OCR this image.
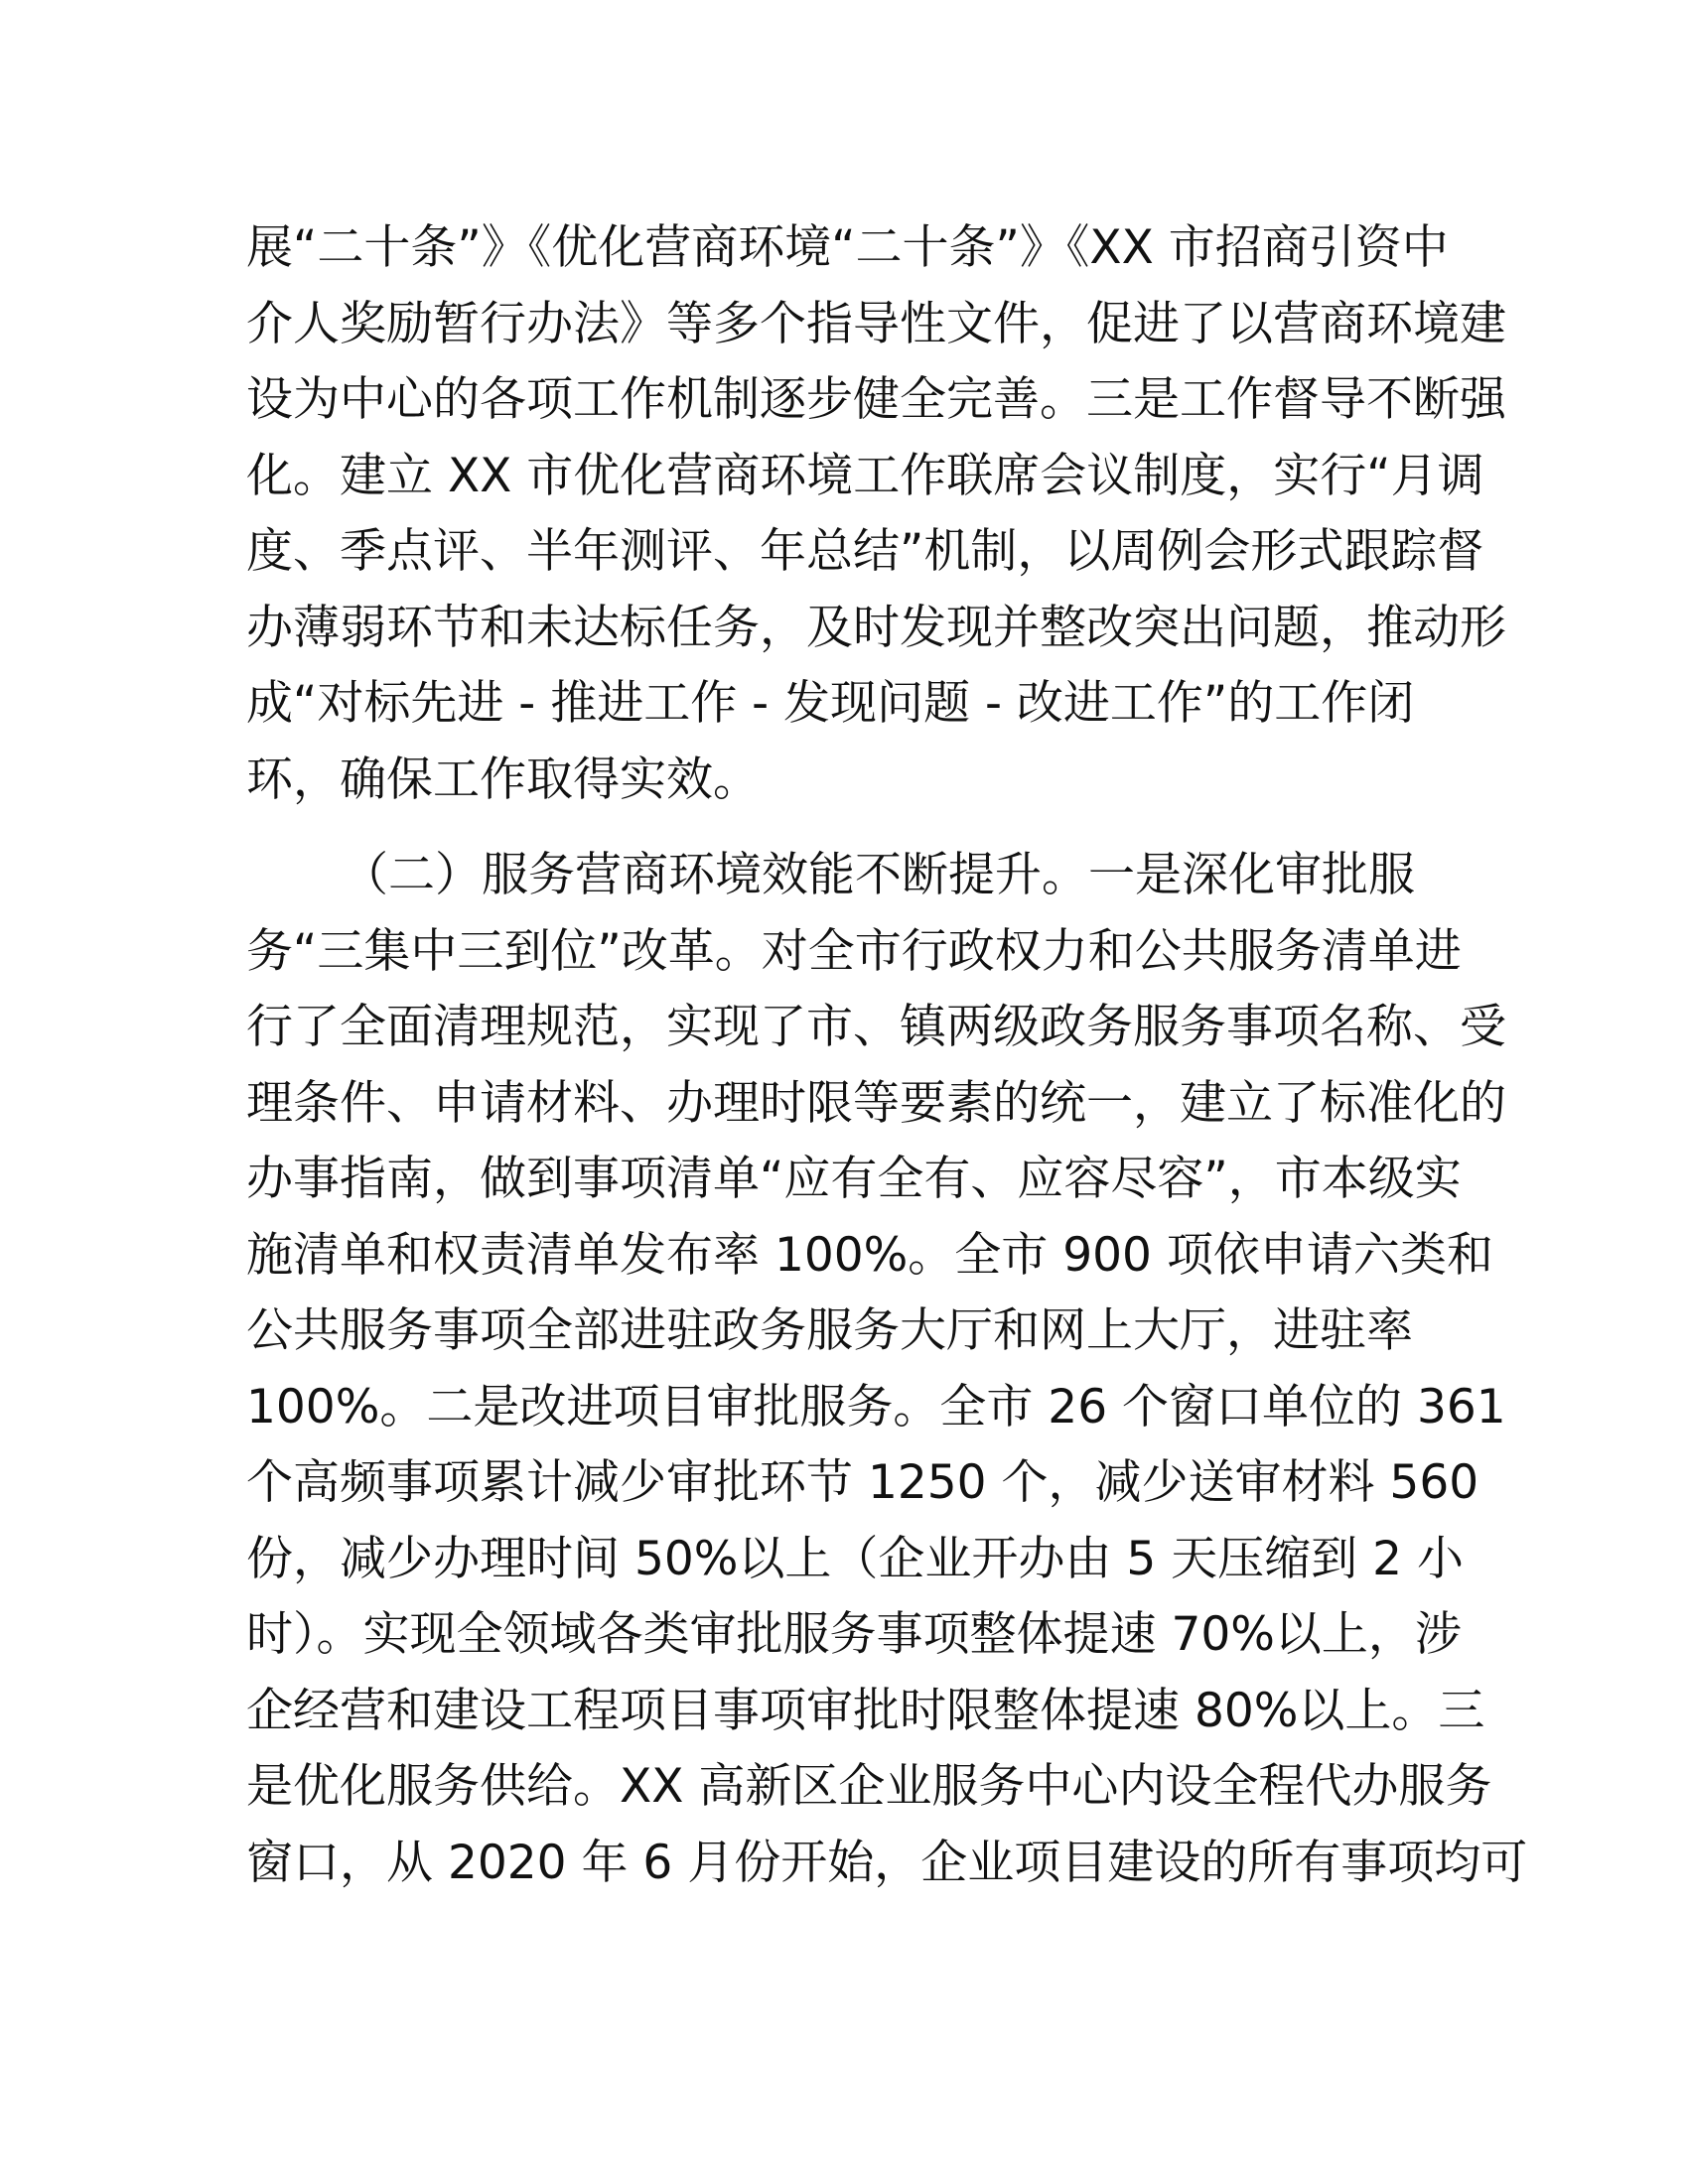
展“二十条”》《优化营商环境“二十条”》《XX 市招商引资中
介人奖励暂行办法》等多个指导性文件，促进了以营商环境建
设为中心的各项工作机制逐步健全完善。三是工作督导不断强
化。建立 XX 市优化营商环境工作联席会议制度，实行“月调
度、季点评、半年测评、年总结”机制，以周例会形式跟踪督
办薄弱环节和未达标任务，及时发现并整改突出问题，推动形
成“对标先进 - 推进工作 - 发现问题 - 改进工作”的工作闭
环，确保工作取得实效。
（二）服务营商环境效能不断提升。一是深化审批服
务“三集中三到位”改革。对全市行政权力和公共服务清单进
行了全面清理规范，实现了市、镇两级政务服务事项名称、受
理条件、申请材料、办理时限等要素的统一，建立了标准化的
办事指南，做到事项清单“应有全有、应容尽容”，市本级实
施清单和权责清单发布率 100%。全市 900 项依申请六类和
公共服务事项全部进驻政务服务大厅和网上大厅，进驻率
100%。二是改进项目审批服务。全市 26 个窗口单位的 361
个高频事项累计减少审批环节 1250 个，减少送审材料 560
份，减少办理时间 50%以上（企业开办由 5 天压缩到 2 小
时）。实现全领域各类审批服务事项整体提速 70%以上，涉
企经营和建设工程项目事项审批时限整体提速 80%以上。三
是优化服务供给。XX 高新区企业服务中心内设全程代办服务
窗口，从 2020 年 6 月份开始，企业项目建设的所有事项均可
